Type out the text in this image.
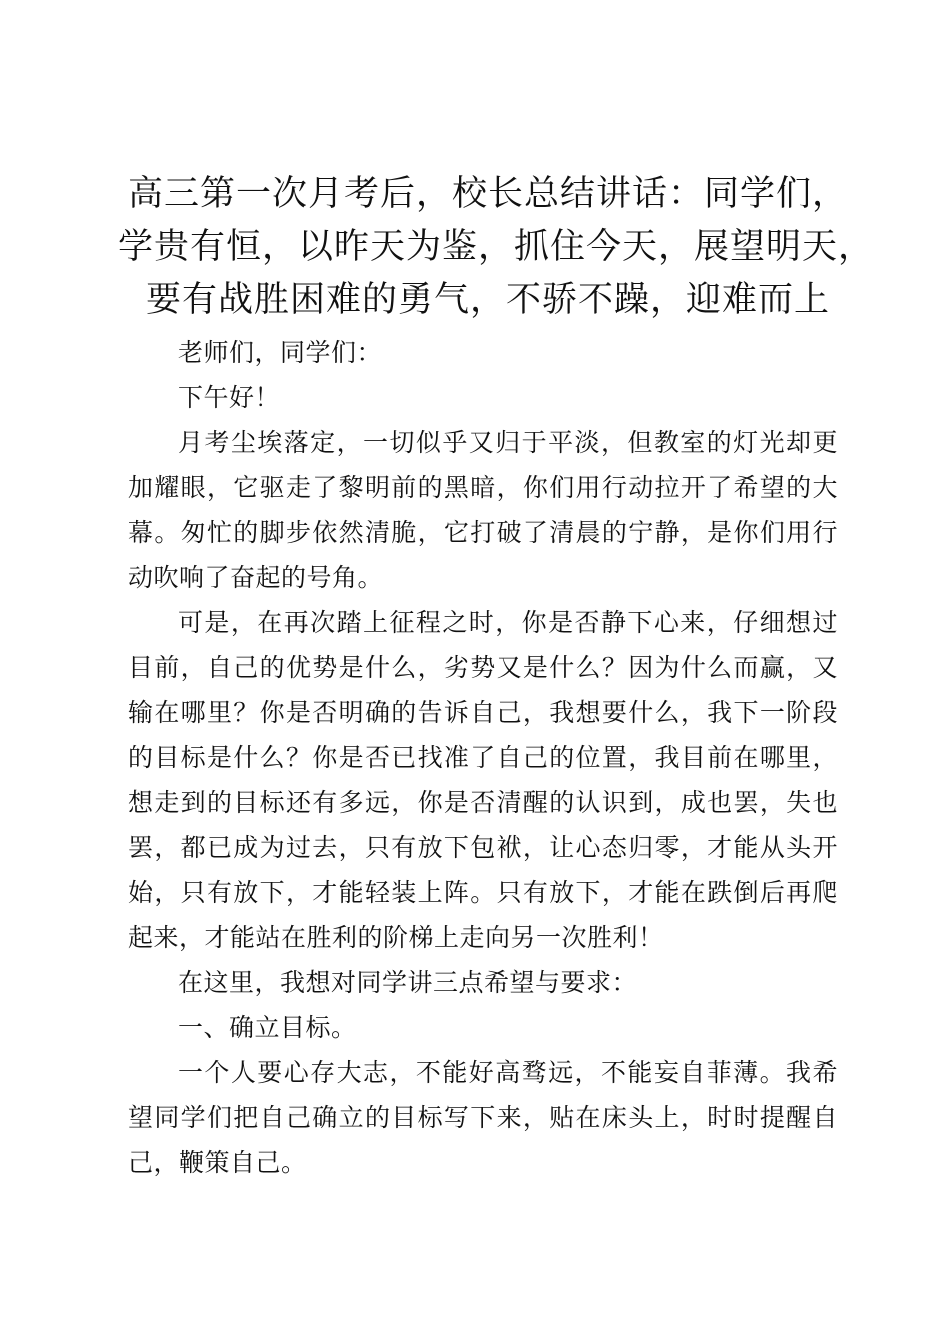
高三第一次月考后，校长总结讲话：同学们，
学贵有恒，以昨天为鉴，抓住今天，展望明天，
要有战胜困难的勇气，不骄不躁，迎难而上

老师们，同学们：

下午好！

月考尘埃落定，一切似乎又归于平淡，但教室的灯光却更加耀眼，它驱走了黎明前的黑暗，你们用行动拉开了希望的大幕。匆忙的脚步依然清脆，它打破了清晨的宁静，是你们用行动吹响了奋起的号角。

可是，在再次踏上征程之时，你是否静下心来，仔细想过目前，自己的优势是什么，劣势又是什么？因为什么而赢，又输在哪里？你是否明确的告诉自己，我想要什么，我下一阶段的目标是什么？你是否已找准了自己的位置，我目前在哪里，想走到的目标还有多远，你是否清醒的认识到，成也罢，失也罢，都已成为过去，只有放下包袱，让心态归零，才能从头开始，只有放下，才能轻装上阵。只有放下，才能在跌倒后再爬起来，才能站在胜利的阶梯上走向另一次胜利！

在这里，我想对同学讲三点希望与要求：

一、确立目标。

一个人要心存大志，不能好高骛远，不能妄自菲薄。我希望同学们把自己确立的目标写下来，贴在床头上，时时提醒自己，鞭策自己。
